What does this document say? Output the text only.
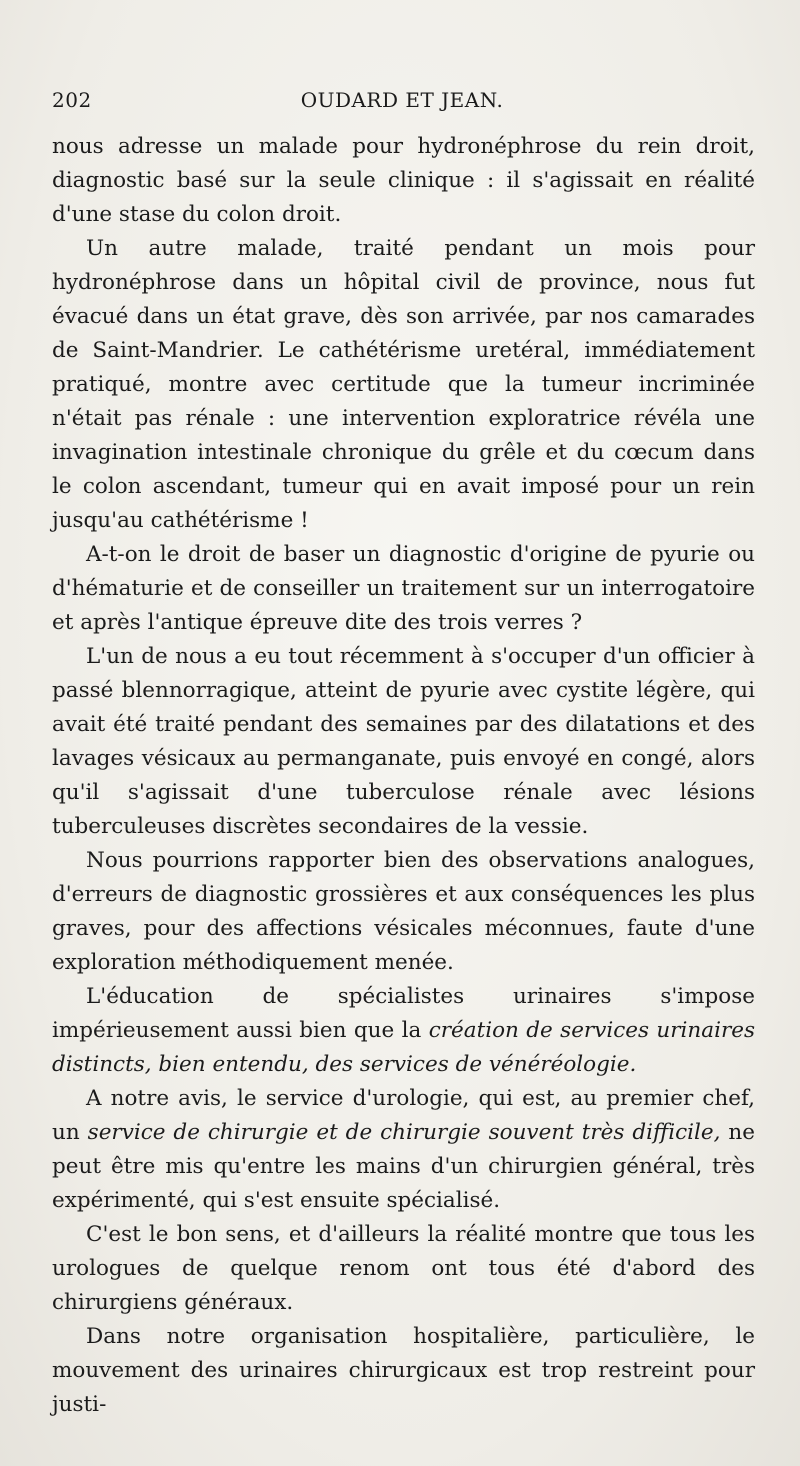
202	OUDARD ET JEAN.

nous adresse un malade pour hydronéphrose du rein droit, diagnostic basé sur la seule clinique : il s'agissait en réalité d'une stase du colon droit.

Un autre malade, traité pendant un mois pour hydronéphrose dans un hôpital civil de province, nous fut évacué dans un état grave, dès son arrivée, par nos camarades de Saint-Mandrier. Le cathétérisme uretéral, immédiatement pratiqué, montre avec certitude que la tumeur incriminée n'était pas rénale : une intervention exploratrice révéla une invagination intestinale chronique du grêle et du cœcum dans le colon ascendant, tumeur qui en avait imposé pour un rein jusqu'au cathétérisme !

A-t-on le droit de baser un diagnostic d'origine de pyurie ou d'hématurie et de conseiller un traitement sur un interrogatoire et après l'antique épreuve dite des trois verres ?

L'un de nous a eu tout récemment à s'occuper d'un officier à passé blennorragique, atteint de pyurie avec cystite légère, qui avait été traité pendant des semaines par des dilatations et des lavages vésicaux au permanganate, puis envoyé en congé, alors qu'il s'agissait d'une tuberculose rénale avec lésions tuberculeuses discrètes secondaires de la vessie.

Nous pourrions rapporter bien des observations analogues, d'erreurs de diagnostic grossières et aux conséquences les plus graves, pour des affections vésicales méconnues, faute d'une exploration méthodiquement menée.

L'éducation de spécialistes urinaires s'impose impérieusement aussi bien que la création de services urinaires distincts, bien entendu, des services de vénéréologie.

A notre avis, le service d'urologie, qui est, au premier chef, un service de chirurgie et de chirurgie souvent très difficile, ne peut être mis qu'entre les mains d'un chirurgien général, très expérimenté, qui s'est ensuite spécialisé.

C'est le bon sens, et d'ailleurs la réalité montre que tous les urologues de quelque renom ont tous été d'abord des chirurgiens généraux.

Dans notre organisation hospitalière, particulière, le mouvement des urinaires chirurgicaux est trop restreint pour justi-
